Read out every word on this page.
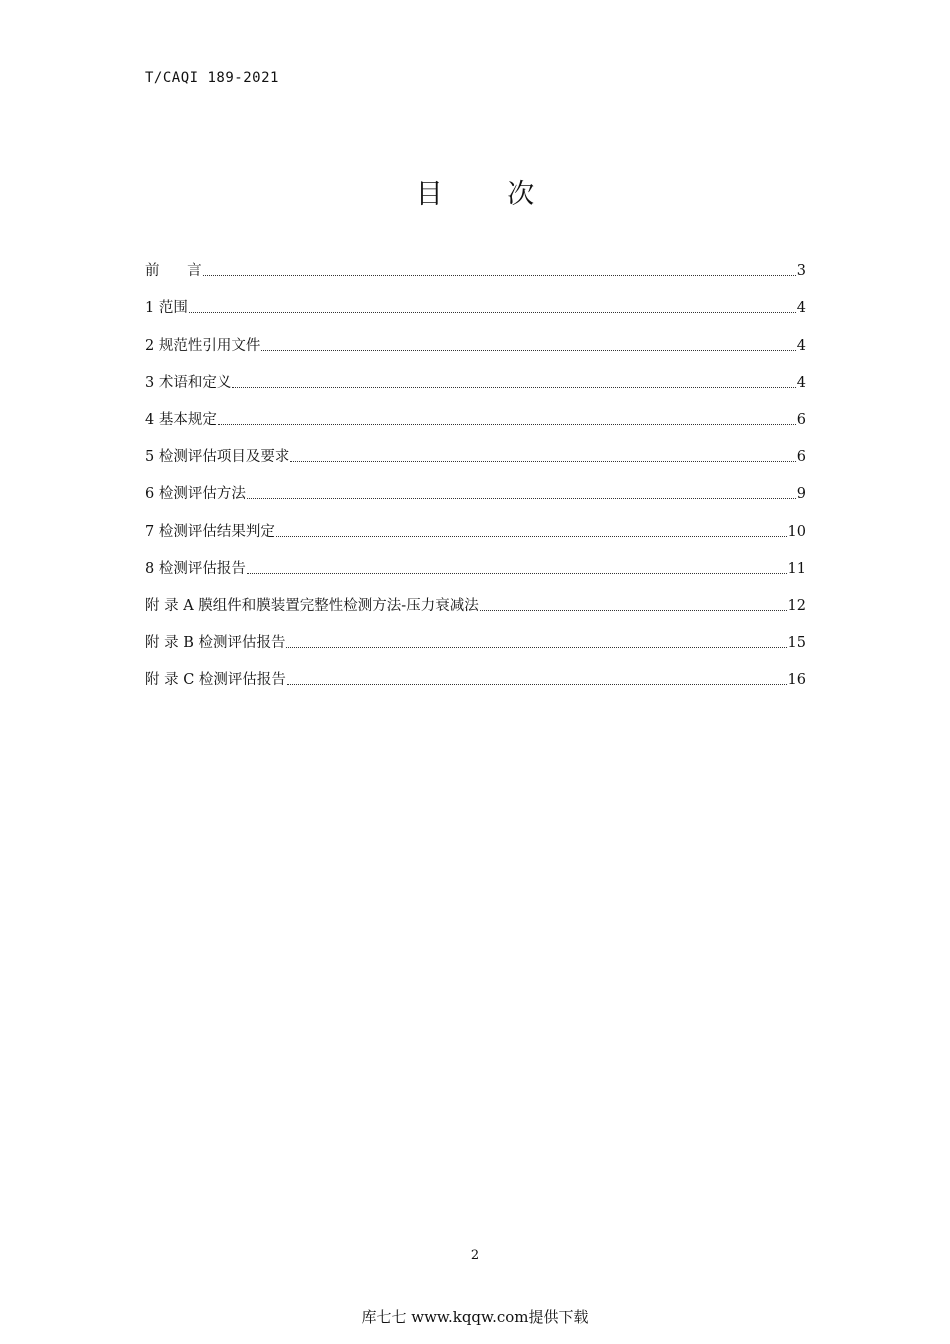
T/CAQI 189-2021
目 次
前      言	3
1 范围	4
2 规范性引用文件	4
3 术语和定义	4
4 基本规定	6
5 检测评估项目及要求	6
6 检测评估方法	9
7 检测评估结果判定	10
8 检测评估报告	11
附 录 A 膜组件和膜装置完整性检测方法-压力衰减法	12
附 录 B 检测评估报告	15
附 录 C 检测评估报告	16
2
库七七 www.kqqw.com提供下载
